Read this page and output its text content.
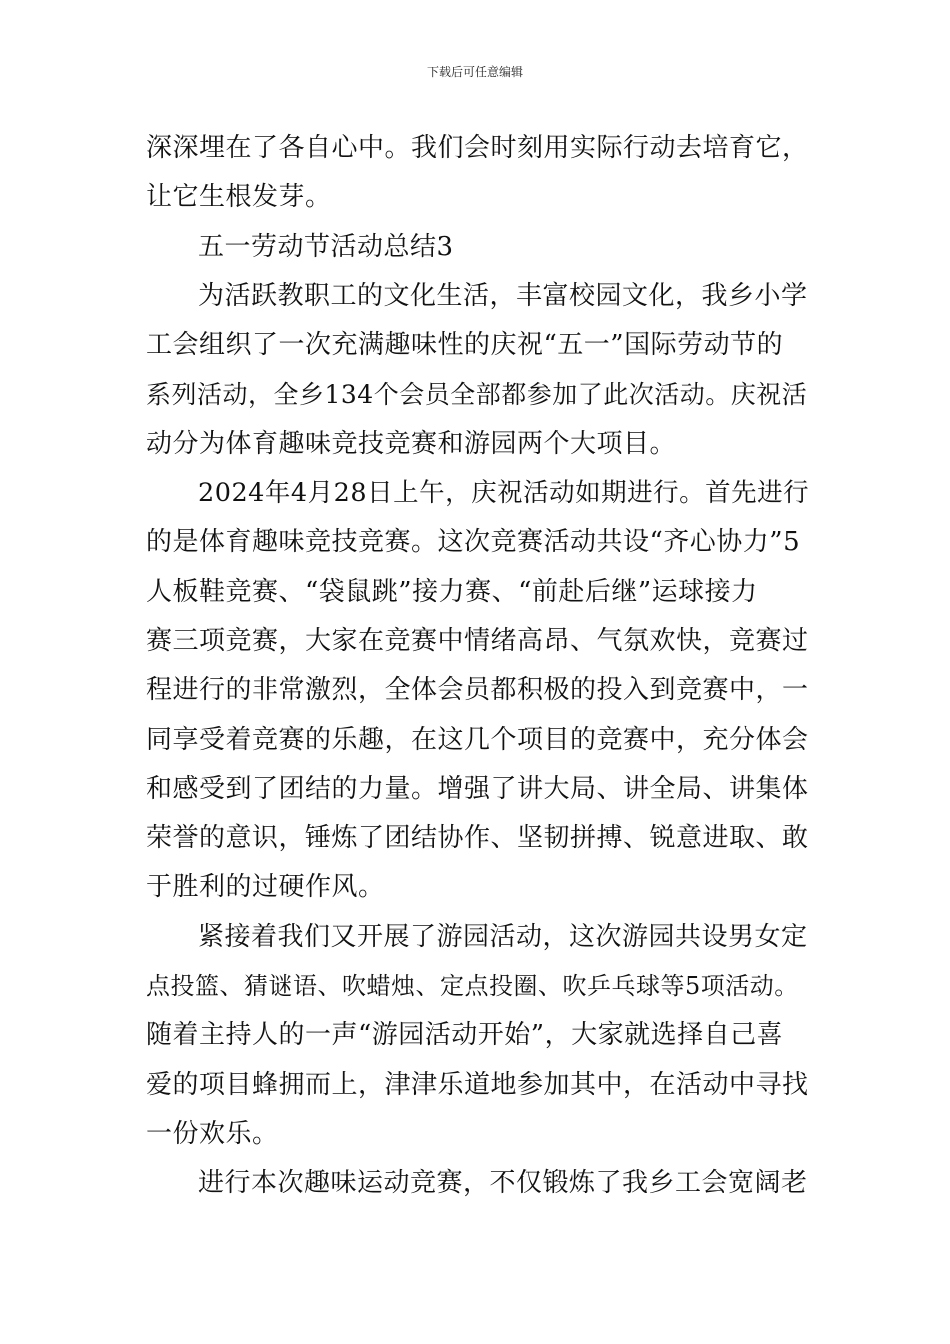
下载后可任意编辑
深深埋在了各自心中。我们会时刻用实际行动去培育它，
让它生根发芽。
五一劳动节活动总结3
为活跃教职工的文化生活，丰富校园文化，我乡小学
工会组织了一次充满趣味性的庆祝“五一”国际劳动节的
系列活动，全乡134个会员全部都参加了此次活动。庆祝活
动分为体育趣味竞技竞赛和游园两个大项目。
2024年4月28日上午，庆祝活动如期进行。首先进行
的是体育趣味竞技竞赛。这次竞赛活动共设“齐心协力”5
人板鞋竞赛、“袋鼠跳”接力赛、“前赴后继”运球接力
赛三项竞赛，大家在竞赛中情绪高昂、气氛欢快，竞赛过
程进行的非常激烈，全体会员都积极的投入到竞赛中，一
同享受着竞赛的乐趣，在这几个项目的竞赛中，充分体会
和感受到了团结的力量。增强了讲大局、讲全局、讲集体
荣誉的意识，锤炼了团结协作、坚韧拼搏、锐意进取、敢
于胜利的过硬作风。
紧接着我们又开展了游园活动，这次游园共设男女定
点投篮、猜谜语、吹蜡烛、定点投圈、吹乒乓球等5项活动。
随着主持人的一声“游园活动开始”，大家就选择自己喜
爱的项目蜂拥而上，津津乐道地参加其中，在活动中寻找
一份欢乐。
进行本次趣味运动竞赛，不仅锻炼了我乡工会宽阔老
